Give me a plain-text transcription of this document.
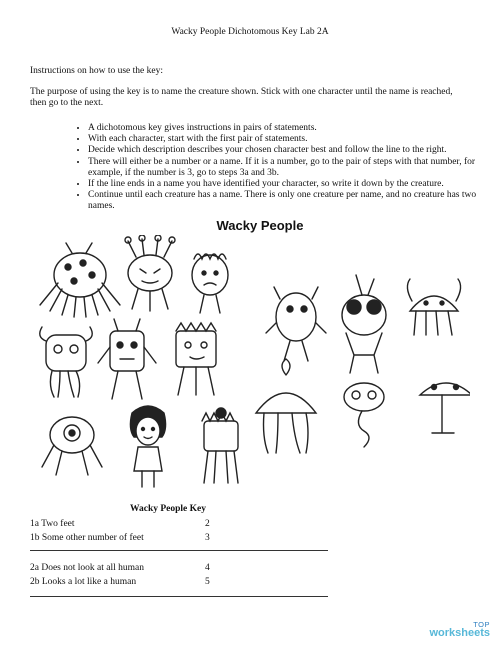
Wacky People Dichotomous Key Lab 2A
Instructions on how to use the key:
The purpose of using the key is to name the creature shown. Stick with one character until the name is reached, then go to the next.
• A dichotomous key gives instructions in pairs of statements.
• With each character, start with the first pair of statements.
• Decide which description describes your chosen character best and follow the line to the right.
• There will either be a number or a name. If it is a number, go to the pair of steps with that number, for example, if the number is 3, go to steps 3a and 3b.
• If the line ends in a name you have identified your character, so write it down by the creature.
• Continue until each creature has a name. There is only one creature per name, and no creature has two names.
Wacky People
Wacky People Key
1a Two feet	2
1b Some other number of feet	3
2a Does not look at all human	4
2b Looks a lot like a human	5
TOP
worksheets
